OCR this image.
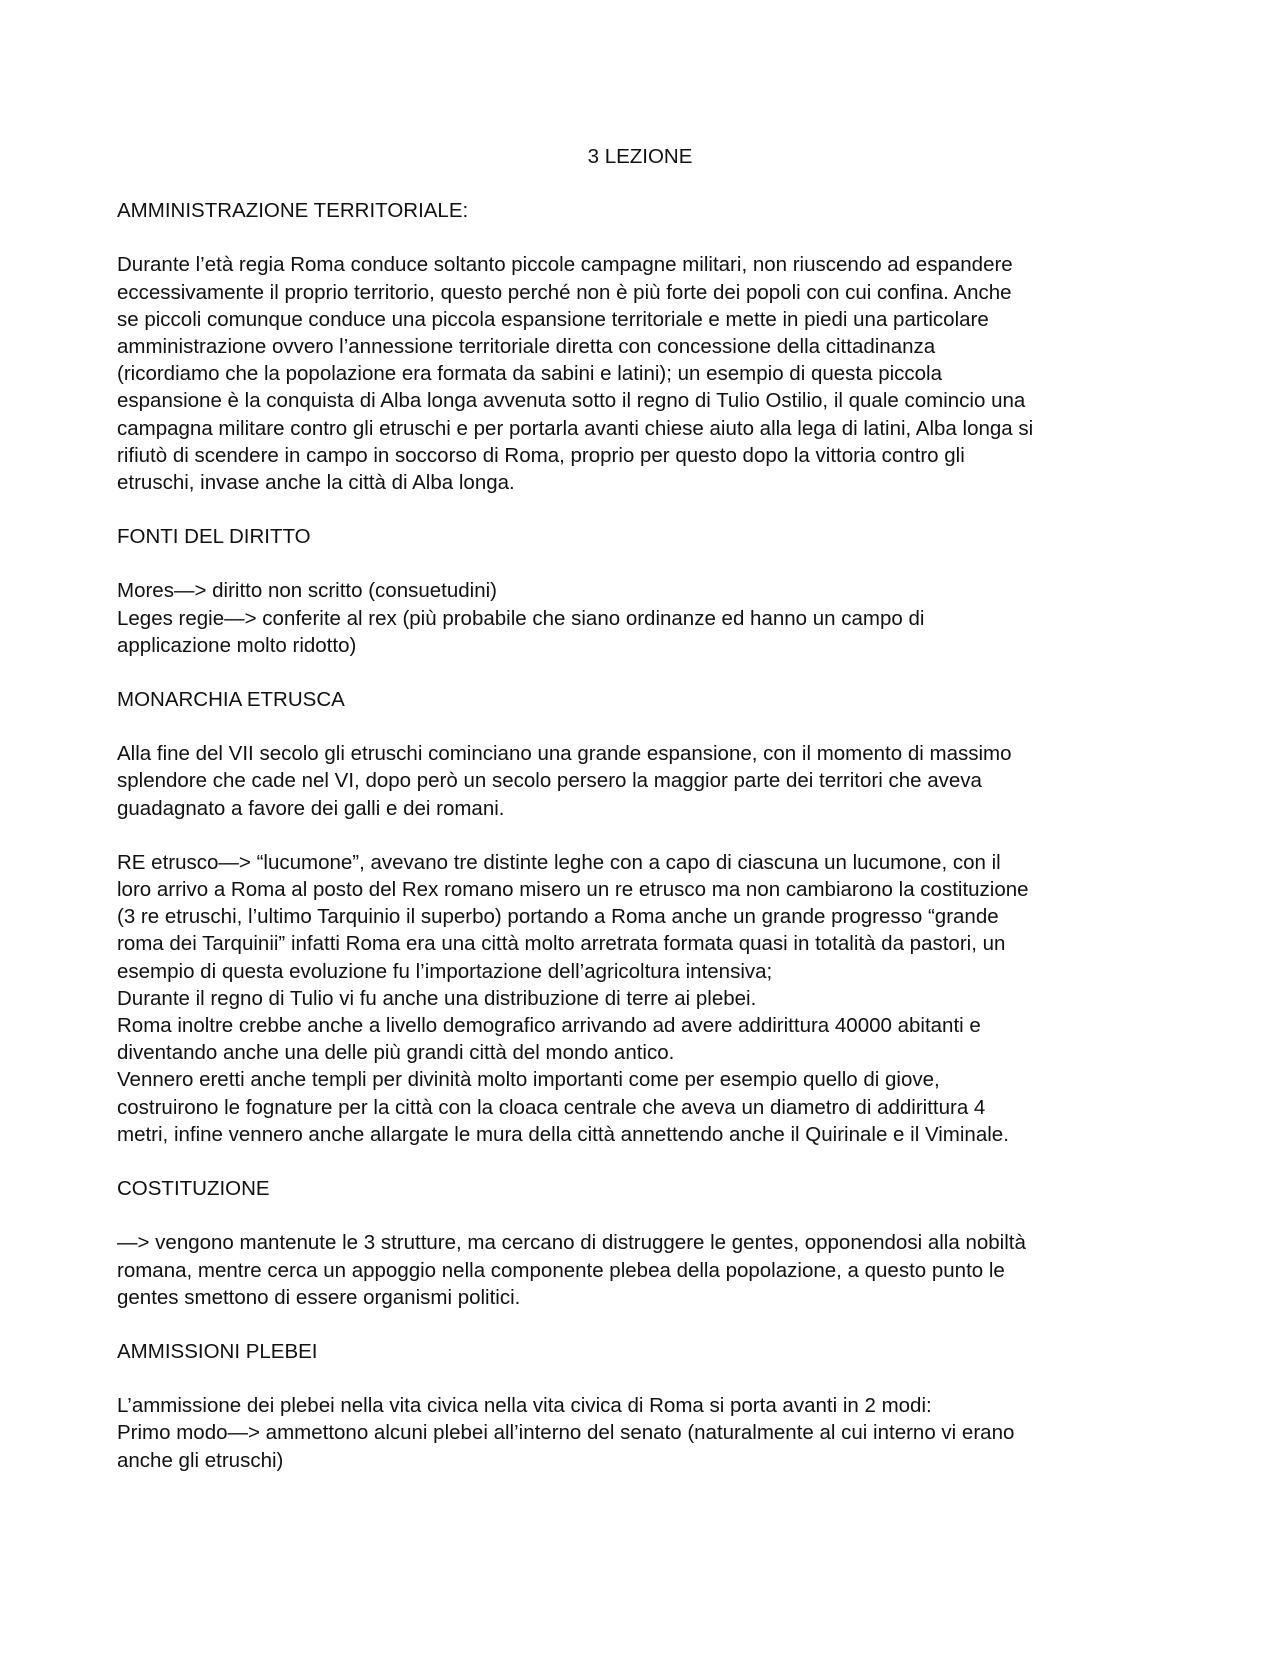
3 LEZIONE
AMMINISTRAZIONE TERRITORIALE:

Durante l’età regia Roma conduce soltanto piccole campagne militari, non riuscendo ad espandere
eccessivamente il proprio territorio, questo perché non è più forte dei popoli con cui confina. Anche
se piccoli comunque conduce una piccola espansione territoriale e mette in piedi una particolare
amministrazione ovvero l’annessione territoriale diretta con concessione della cittadinanza
(ricordiamo che la popolazione era formata da sabini e latini); un esempio di questa piccola
espansione è la conquista di Alba longa avvenuta sotto il regno di Tulio Ostilio, il quale comincio una
campagna militare contro gli etruschi e per portarla avanti chiese aiuto alla lega di latini, Alba longa si
rifiutò di scendere in campo in soccorso di Roma, proprio per questo dopo la vittoria contro gli
etruschi, invase anche la città di Alba longa.

FONTI DEL DIRITTO

Mores—> diritto non scritto (consuetudini)
Leges regie—> conferite al rex (più probabile che siano ordinanze ed hanno un campo di
applicazione molto ridotto)

MONARCHIA ETRUSCA

Alla fine del VII secolo gli etruschi cominciano una grande espansione, con il momento di massimo
splendore che cade nel VI, dopo però un secolo persero la maggior parte dei territori che aveva
guadagnato a favore dei galli e dei romani.

RE etrusco—> “lucumone”, avevano tre distinte leghe con a capo di ciascuna un lucumone, con il
loro arrivo a Roma al posto del Rex romano misero un re etrusco ma non cambiarono la costituzione
(3 re etruschi, l’ultimo Tarquinio il superbo) portando a Roma anche un grande progresso “grande
roma dei Tarquinii” infatti Roma era una città molto arretrata formata quasi in totalità da pastori, un
esempio di questa evoluzione fu l’importazione dell’agricoltura intensiva;
Durante il regno di Tulio vi fu anche una distribuzione di terre ai plebei.
Roma inoltre crebbe anche a livello demografico arrivando ad avere addirittura 40000 abitanti e
diventando anche una delle più grandi città del mondo antico.
Vennero eretti anche templi per divinità molto importanti come per esempio quello di giove,
costruirono le fognature per la città con la cloaca centrale che aveva un diametro di addirittura 4
metri, infine vennero anche allargate le mura della città annettendo anche il Quirinale e il Viminale.

COSTITUZIONE

—> vengono mantenute le 3 strutture, ma cercano di distruggere le gentes, opponendosi alla nobiltà
romana, mentre cerca un appoggio nella componente plebea della popolazione, a questo punto le
gentes smettono di essere organismi politici.

AMMISSIONI PLEBEI

L’ammissione dei plebei nella vita civica nella vita civica di Roma si porta avanti in 2 modi:
Primo modo—> ammettono alcuni plebei all’interno del senato (naturalmente al cui interno vi erano
anche gli etruschi)
